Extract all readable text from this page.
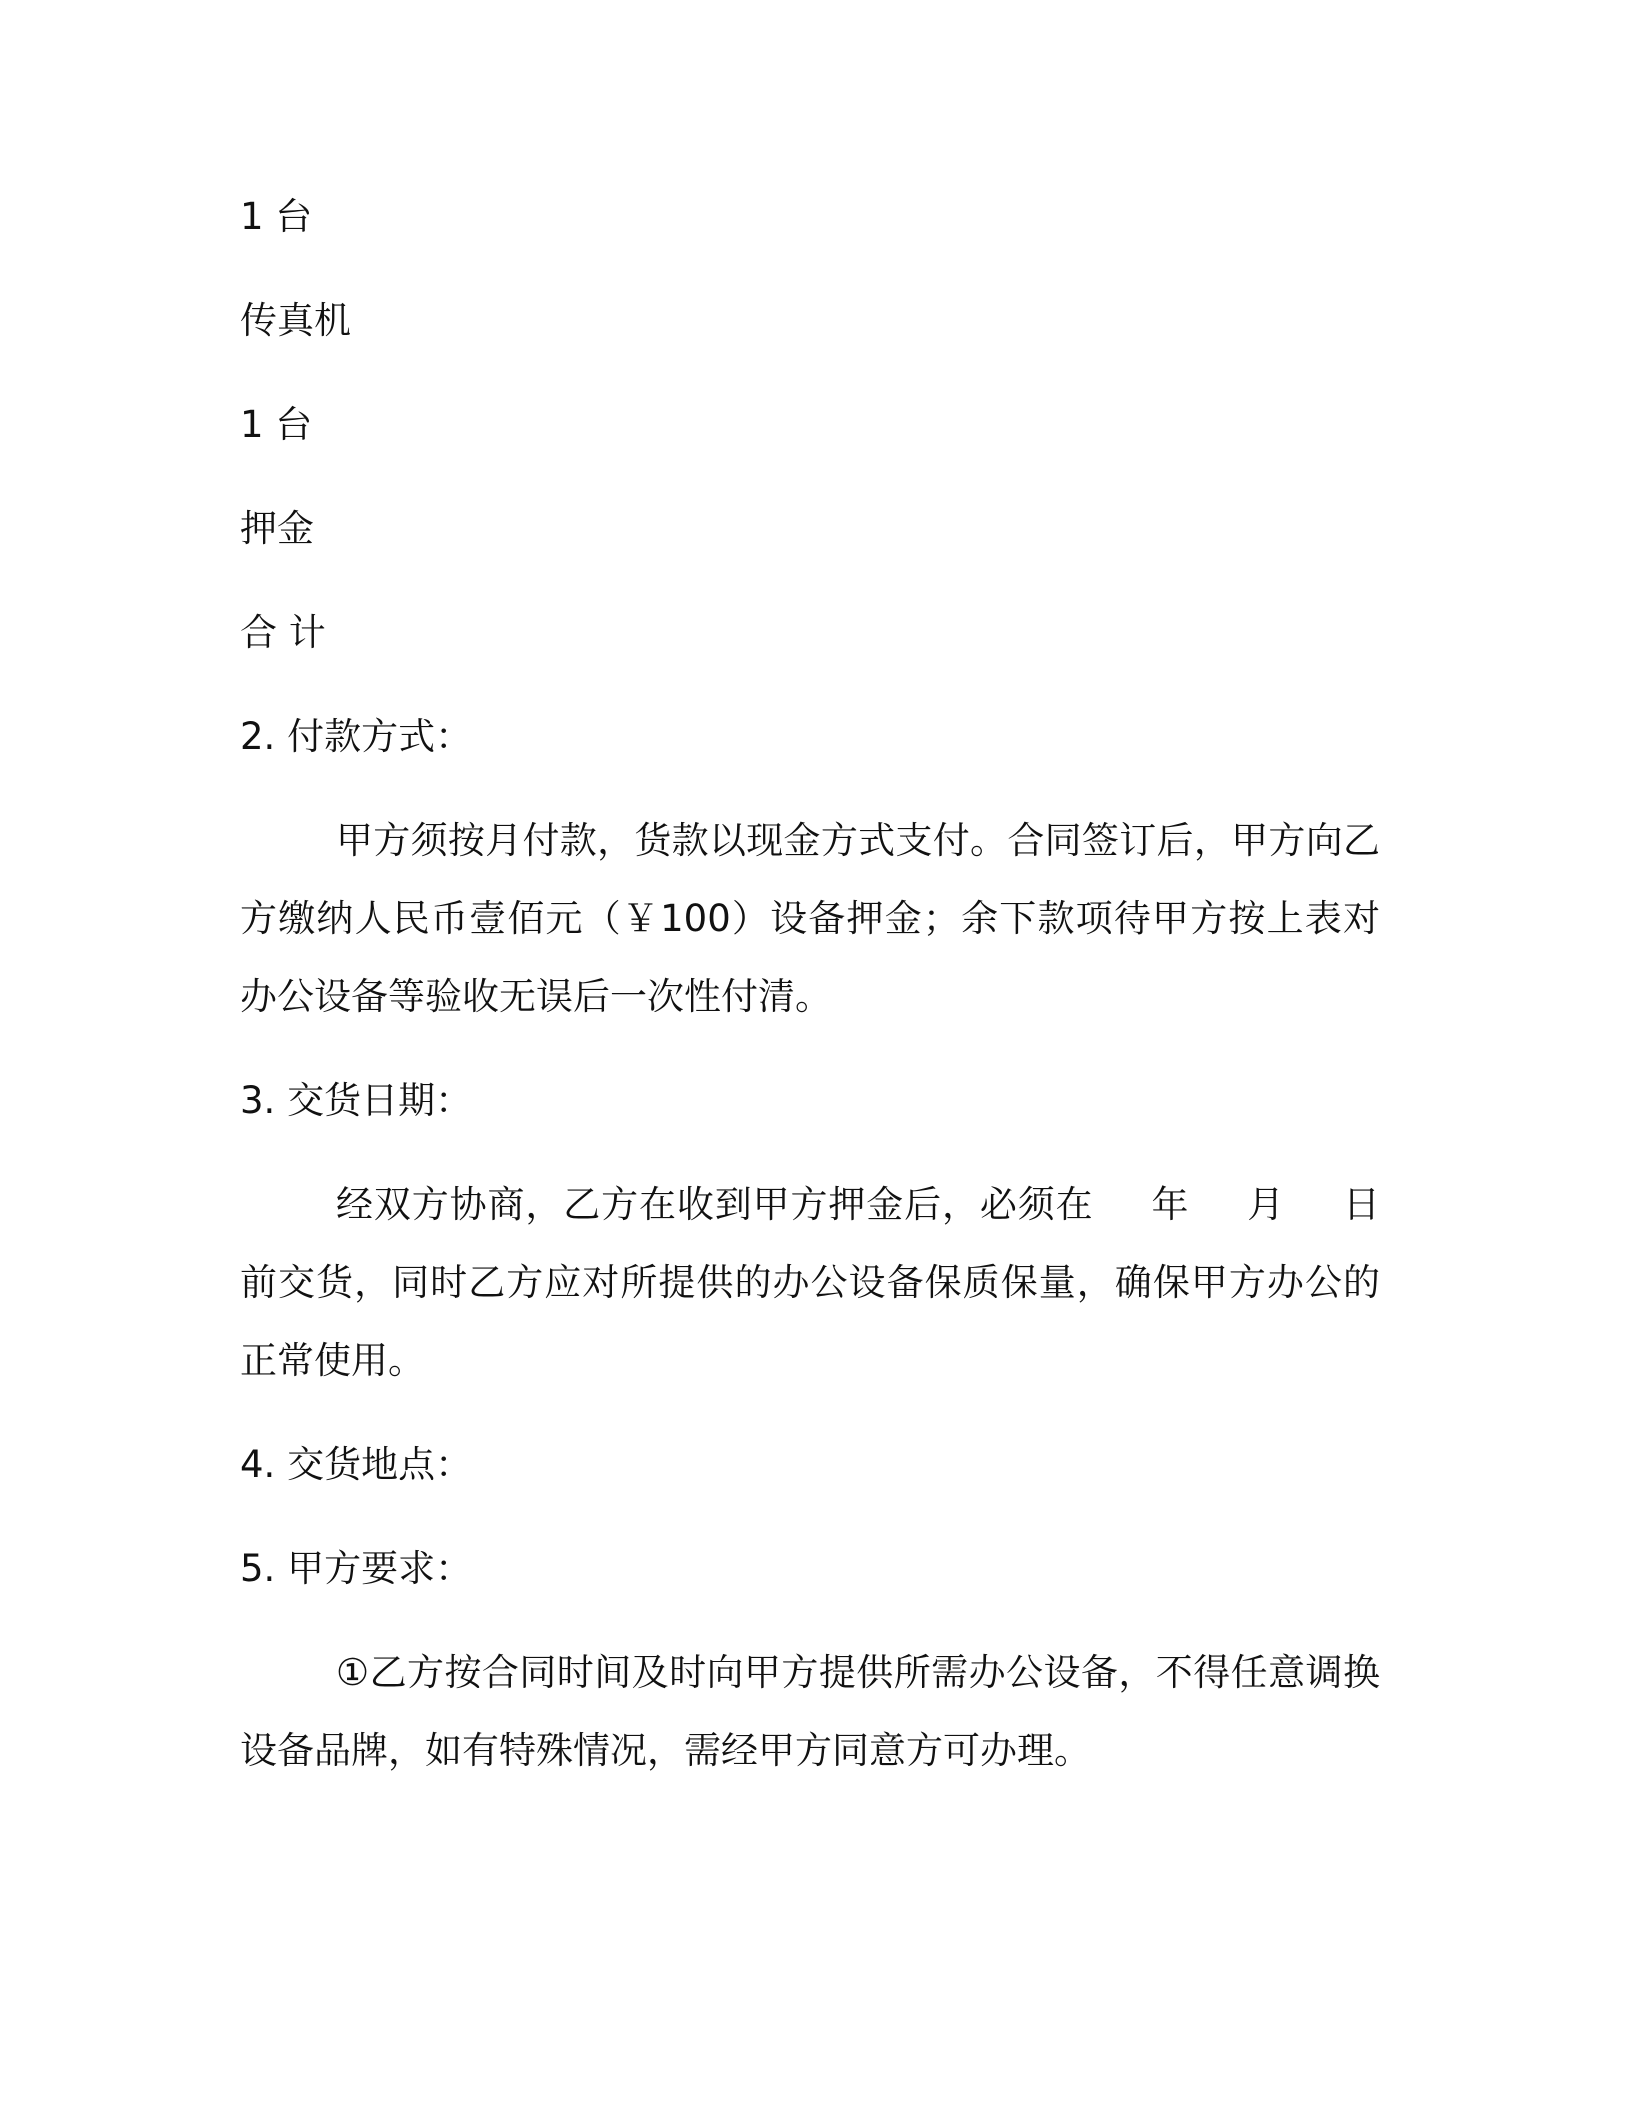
1 台
传真机
1 台
押金
合 计
2. 付款方式：
甲方须按月付款，货款以现金方式支付。合同签订后，甲方向乙方缴纳人民币壹佰元（￥100）设备押金；余下款项待甲方按上表对办公设备等验收无误后一次性付清。
3. 交货日期：
经双方协商，乙方在收到甲方押金后，必须在 年 月 日前交货，同时乙方应对所提供的办公设备保质保量，确保甲方办公的正常使用。
4. 交货地点：
5. 甲方要求：
①乙方按合同时间及时向甲方提供所需办公设备，不得任意调换设备品牌，如有特殊情况，需经甲方同意方可办理。
